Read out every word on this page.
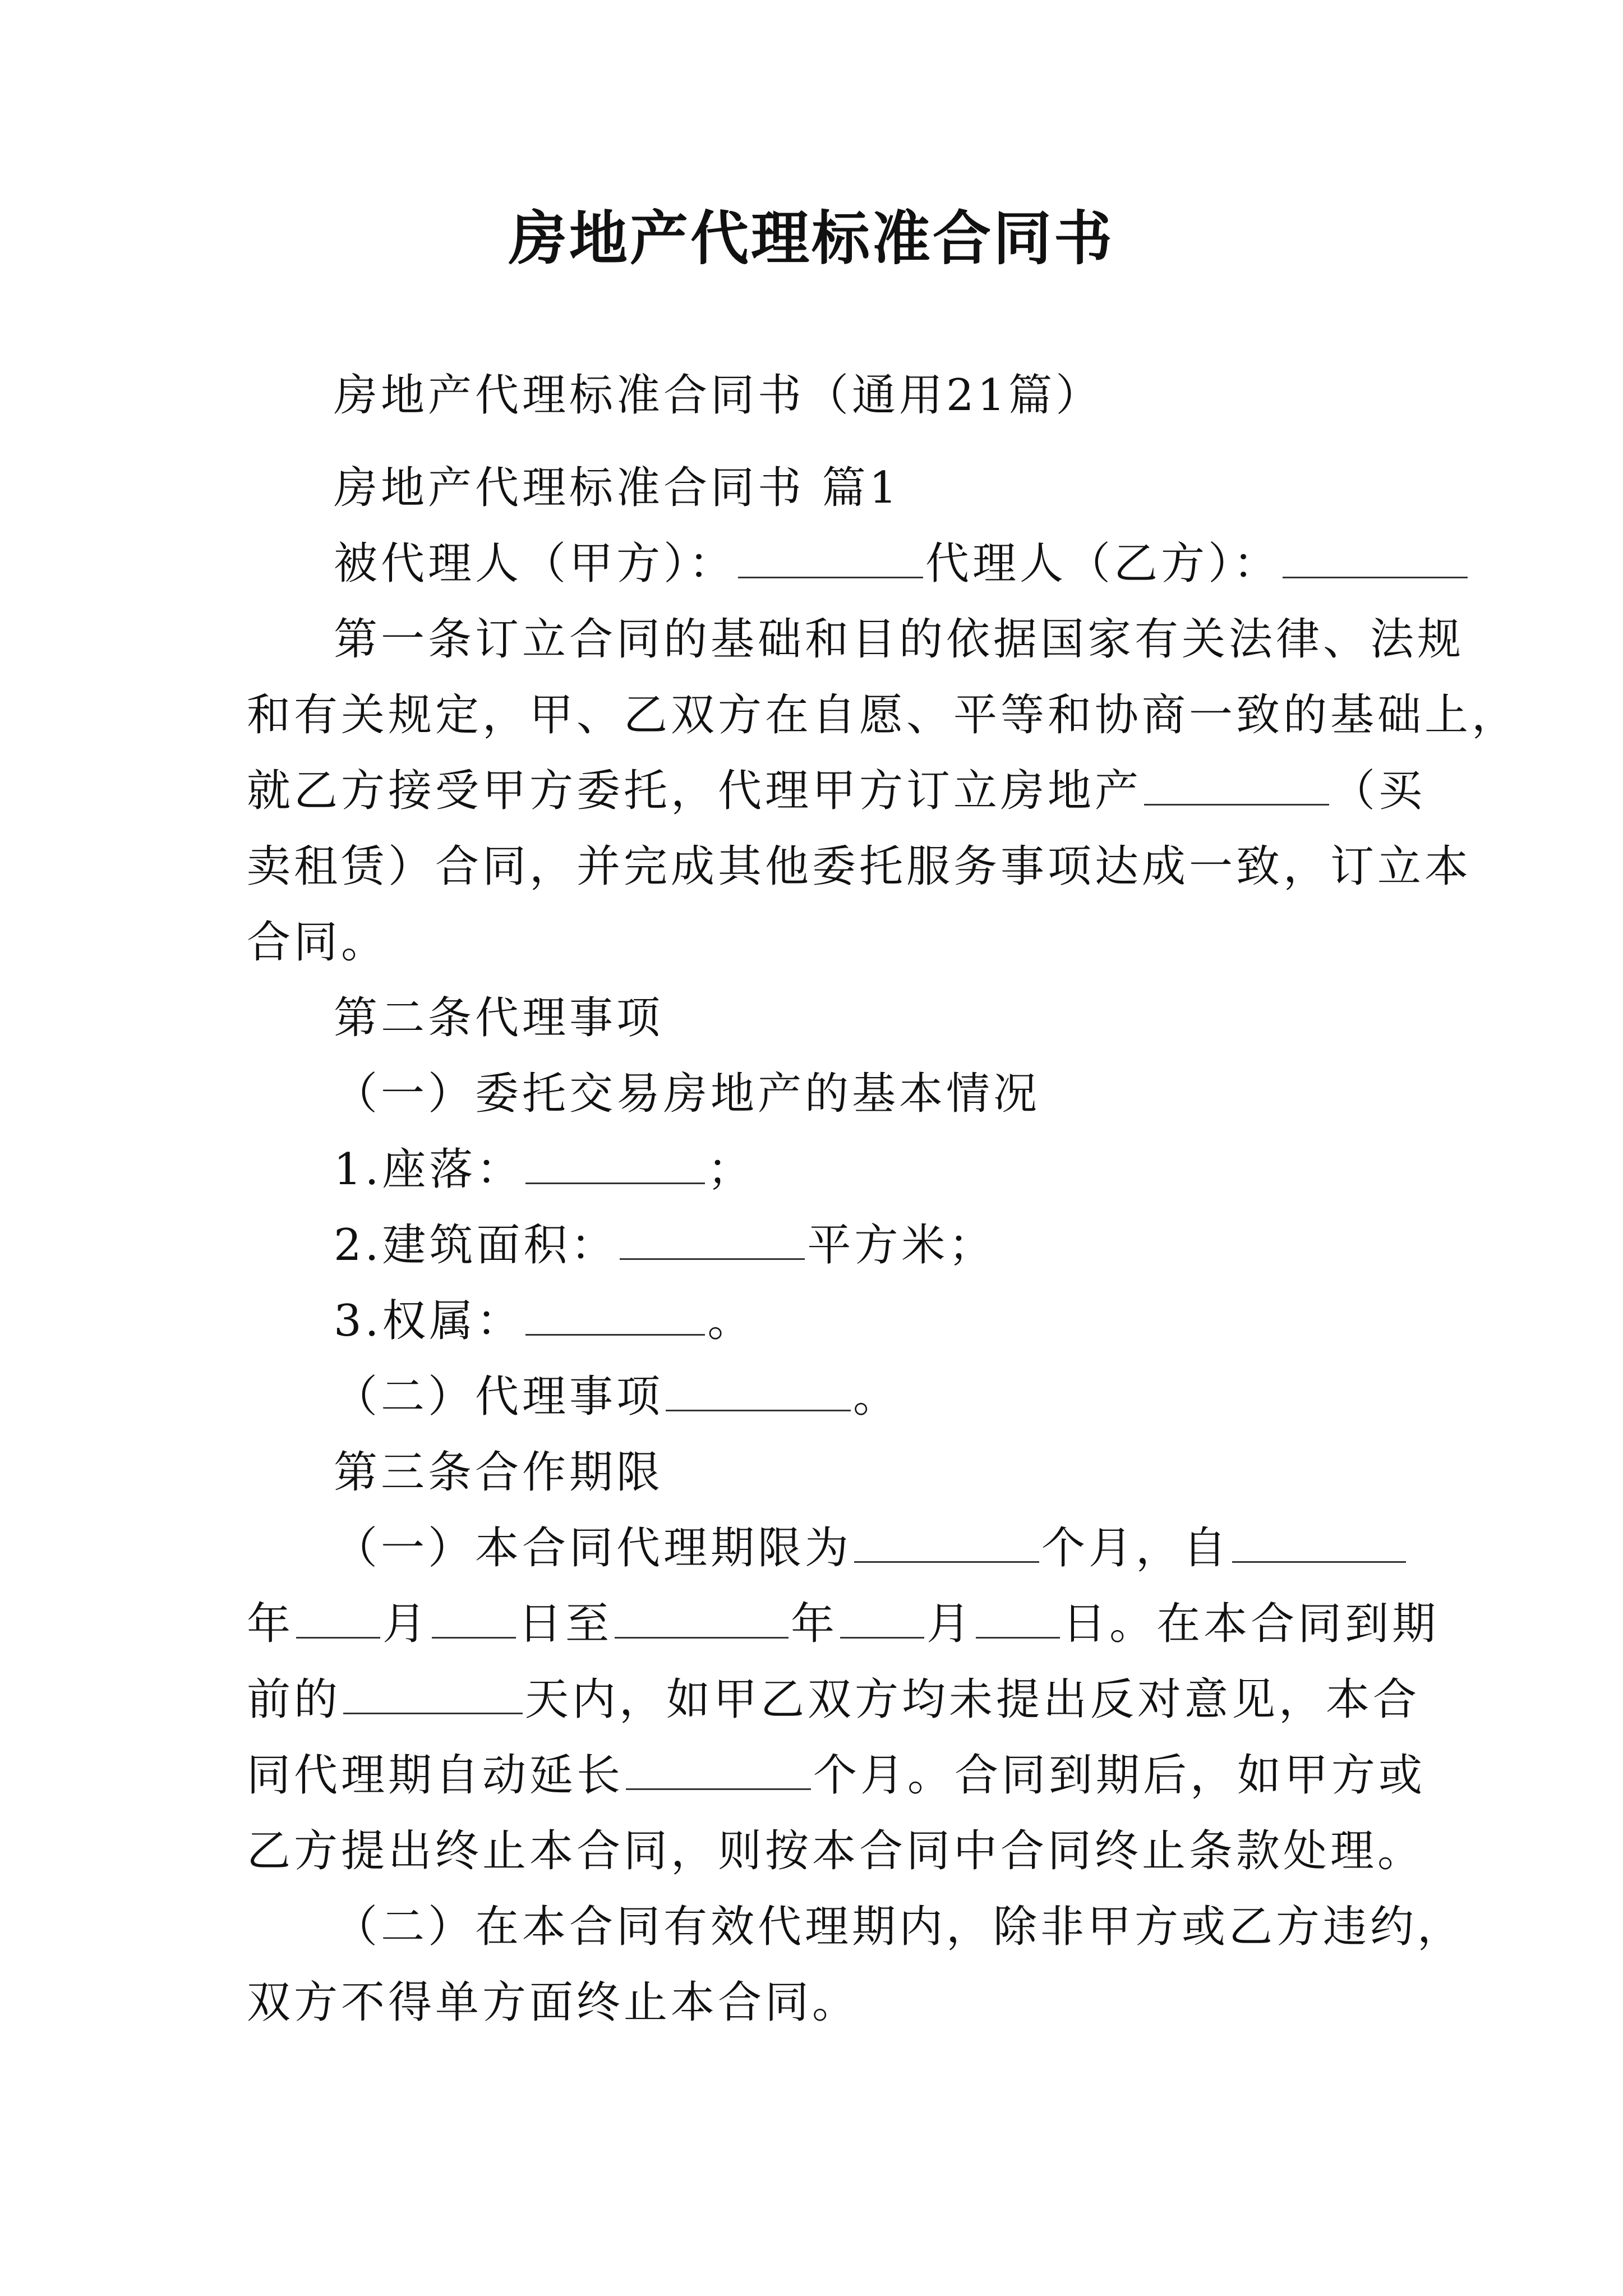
房地产代理标准合同书
房地产代理标准合同书（通用21篇）
房地产代理标准合同书 篇1
被代理人（甲方）：	代理人（乙方）：
第一条订立合同的基础和目的依据国家有关法律、法规
和有关规定，甲、乙双方在自愿、平等和协商一致的基础上，
就乙方接受甲方委托，代理甲方订立房地产	（买
卖租赁）合同，并完成其他委托服务事项达成一致，订立本
合同。
第二条代理事项
（一）委托交易房地产的基本情况
1.座落：	；
2.建筑面积：	平方米；
3.权属：	。
（二）代理事项	。
第三条合作期限
（一）本合同代理期限为	个月，自
年 月 日至	年 月 日。在本合同到期
前的	天内，如甲乙双方均未提出反对意见，本合
同代理期自动延长	个月。合同到期后，如甲方或
乙方提出终止本合同，则按本合同中合同终止条款处理。
（二）在本合同有效代理期内，除非甲方或乙方违约，
双方不得单方面终止本合同。
